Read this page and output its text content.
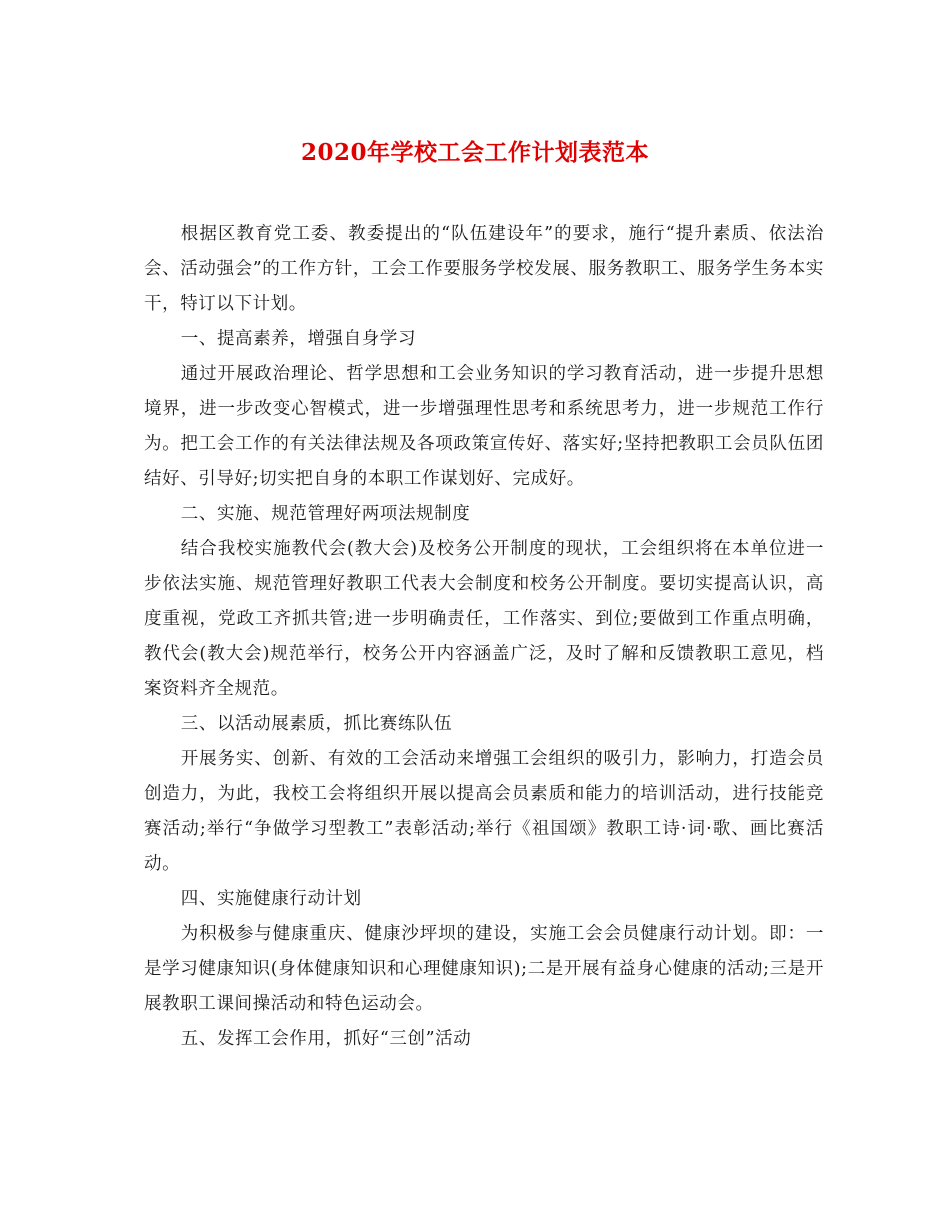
2020年学校工会工作计划表范本

根据区教育党工委、教委提出的“队伍建设年”的要求，施行“提升素质、依法治会、活动强会”的工作方针，工会工作要服务学校发展、服务教职工、服务学生务本实干，特订以下计划。

一、提高素养，增强自身学习

通过开展政治理论、哲学思想和工会业务知识的学习教育活动，进一步提升思想境界，进一步改变心智模式，进一步增强理性思考和系统思考力，进一步规范工作行为。把工会工作的有关法律法规及各项政策宣传好、落实好;坚持把教职工会员队伍团结好、引导好;切实把自身的本职工作谋划好、完成好。

二、实施、规范管理好两项法规制度

结合我校实施教代会(教大会)及校务公开制度的现状，工会组织将在本单位进一步依法实施、规范管理好教职工代表大会制度和校务公开制度。要切实提高认识，高度重视，党政工齐抓共管;进一步明确责任，工作落实、到位;要做到工作重点明确，教代会(教大会)规范举行，校务公开内容涵盖广泛，及时了解和反馈教职工意见，档案资料齐全规范。

三、以活动展素质，抓比赛练队伍

开展务实、创新、有效的工会活动来增强工会组织的吸引力，影响力，打造会员创造力，为此，我校工会将组织开展以提高会员素质和能力的培训活动，进行技能竞赛活动;举行“争做学习型教工”表彰活动;举行《祖国颂》教职工诗·词·歌、画比赛活动。

四、实施健康行动计划

为积极参与健康重庆、健康沙坪坝的建设，实施工会会员健康行动计划。即：一是学习健康知识(身体健康知识和心理健康知识);二是开展有益身心健康的活动;三是开展教职工课间操活动和特色运动会。

五、发挥工会作用，抓好“三创”活动
